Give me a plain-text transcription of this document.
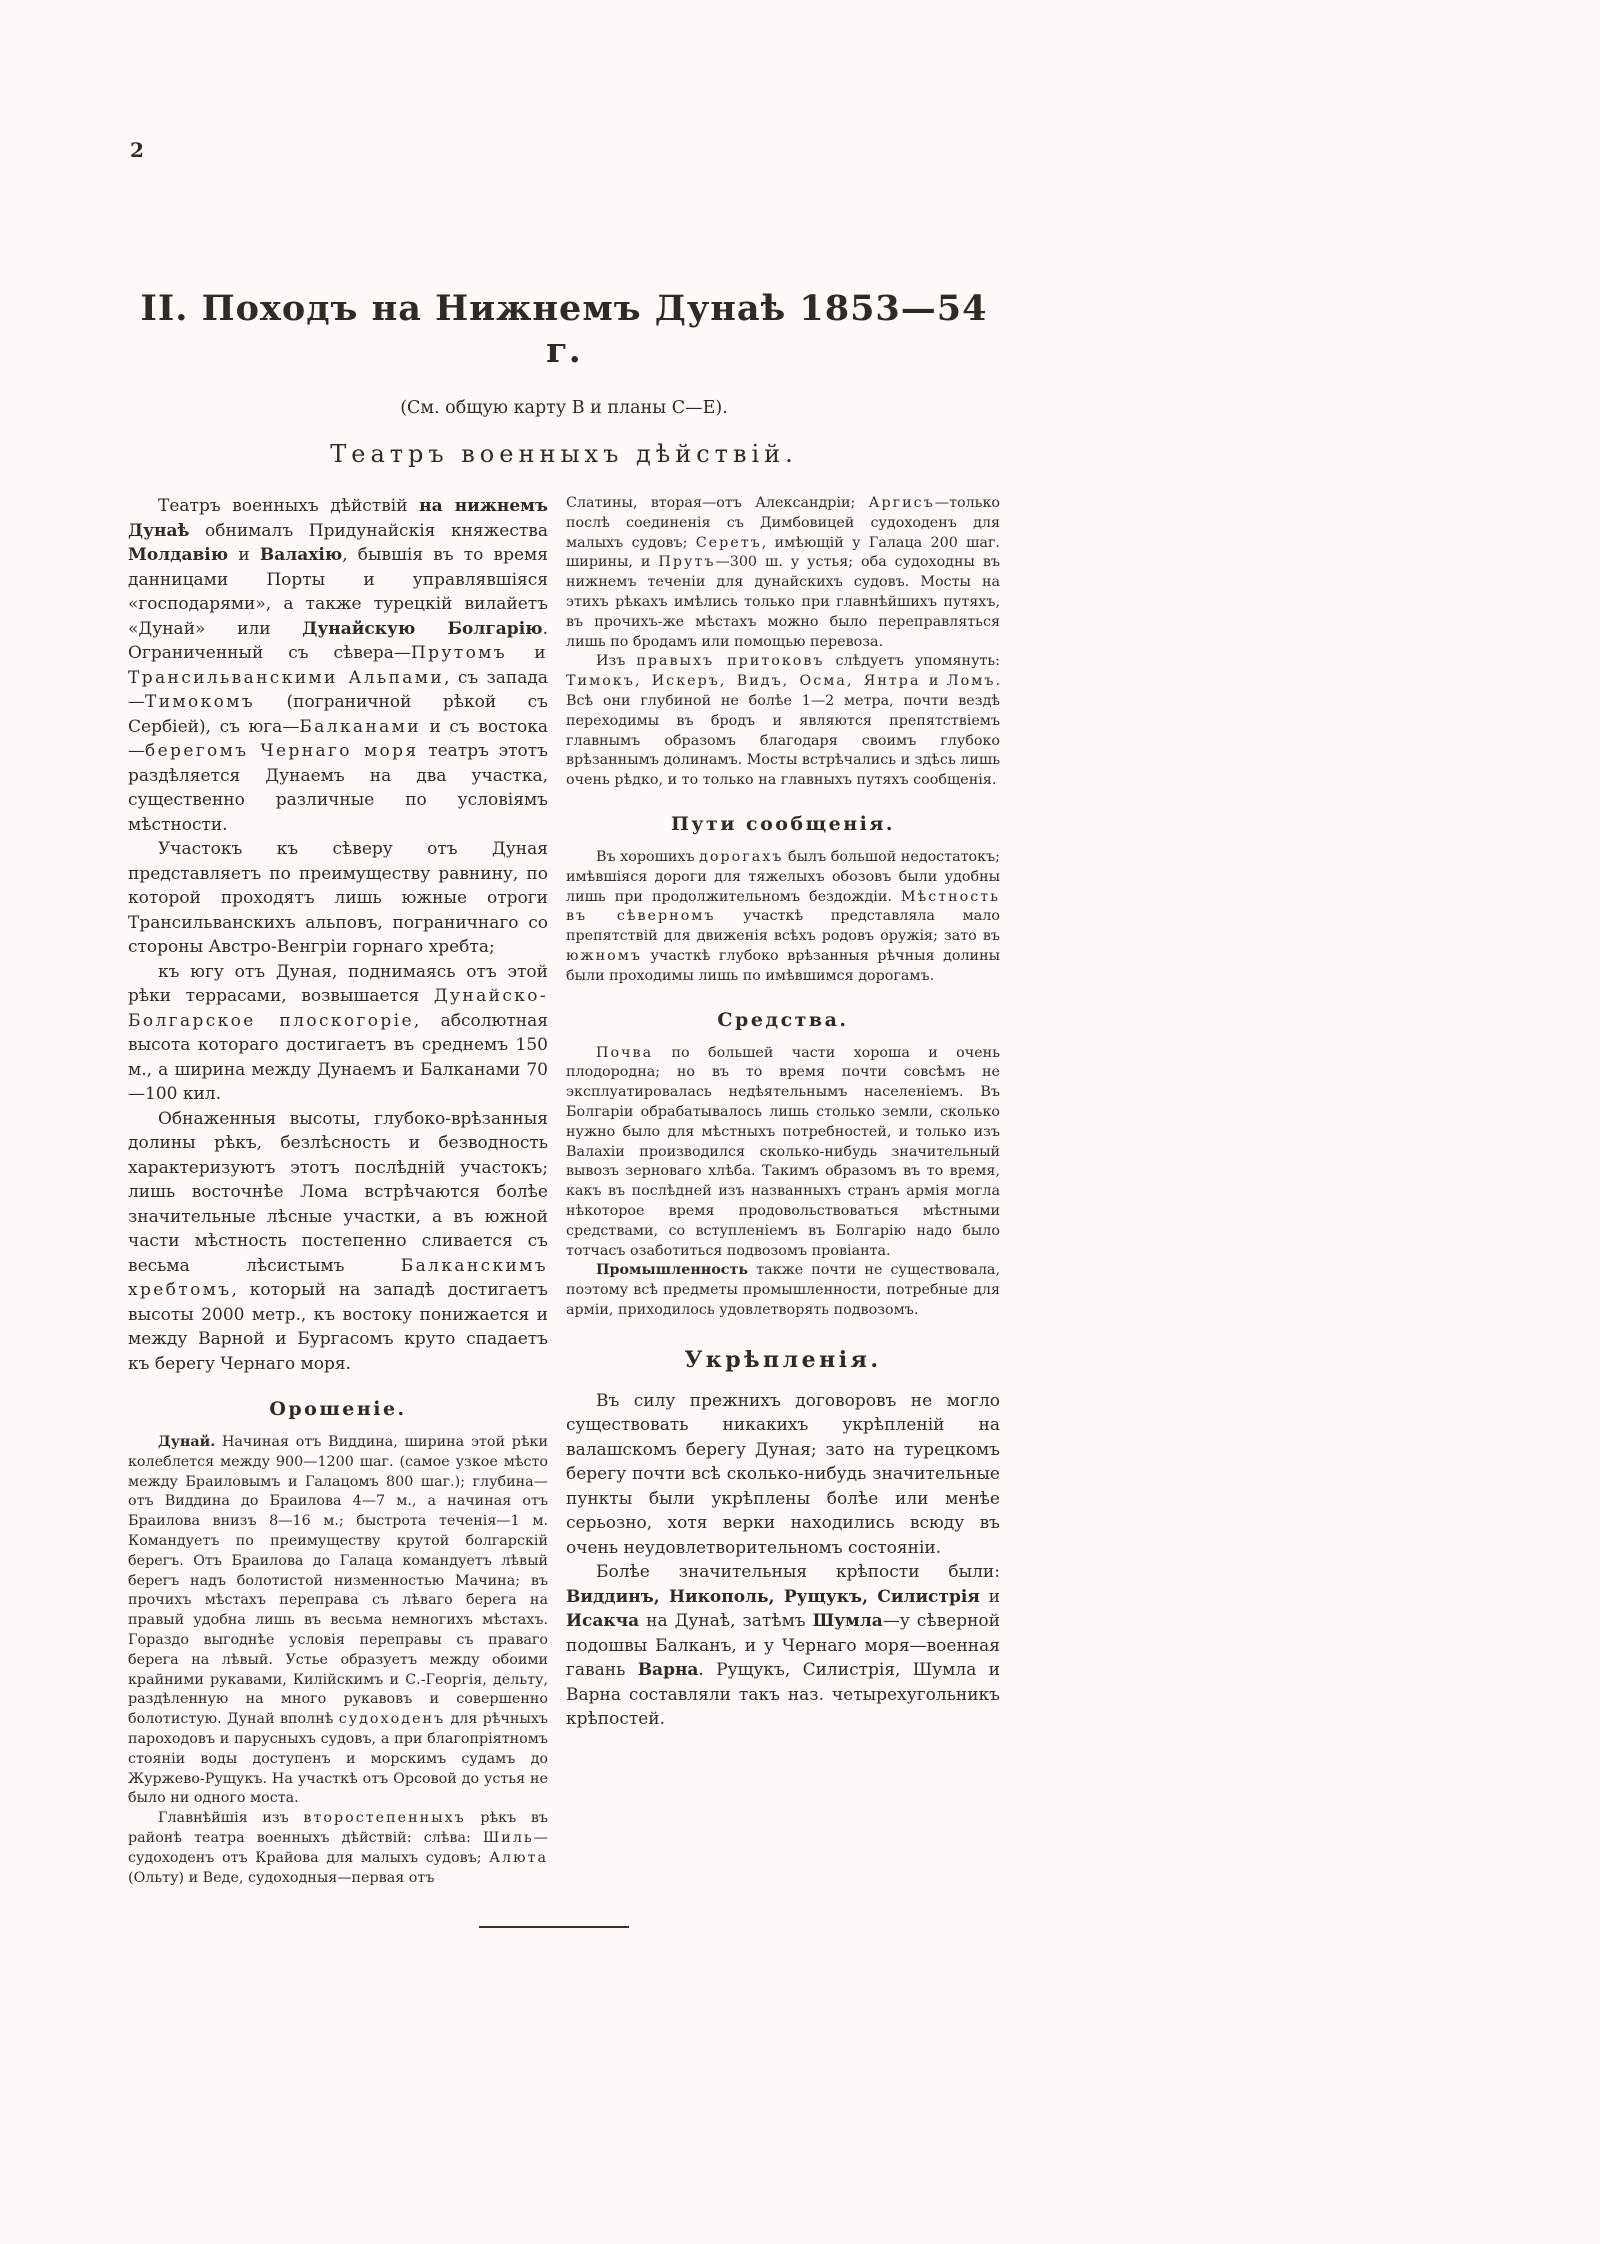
2
II. Походъ на Нижнемъ Дунаѣ 1853—54 г.
(См. общую карту В и планы С—Е).
Театръ военныхъ дѣйствій.

Театръ военныхъ дѣйствій на нижнемъ Дунаѣ обнималъ Придунайскія княжества Молдавію и Валахію, бывшія въ то время данницами Порты и управлявшіяся «господарями», а также турецкій вилайетъ «Дунай» или Дунайскую Болгарію. Ограниченный съ сѣвера—Прутомъ и Трансильванскими Альпами, съ запада—Тимокомъ (пограничной рѣкой съ Сербіей), съ юга—Балканами и съ востока—берегомъ Чернаго моря театръ этотъ раздѣляется Дунаемъ на два участка, существенно различные по условіямъ мѣстности.

Участокъ къ сѣверу отъ Дуная представляетъ по преимуществу равнину, по которой проходятъ лишь южные отроги Трансильванскихъ альповъ, пограничнаго со стороны Австро-Венгріи горнаго хребта;

къ югу отъ Дуная, поднимаясь отъ этой рѣки террасами, возвышается Дунайско-Болгарское плоскогоріе, абсолютная высота котораго достигаетъ въ среднемъ 150 м., а ширина между Дунаемъ и Балканами 70—100 кил.

Обнаженныя высоты, глубоко-врѣзанныя долины рѣкъ, безлѣсность и безводность характеризуютъ этотъ послѣдній участокъ; лишь восточнѣе Лома встрѣчаются болѣе значительные лѣсные участки, а въ южной части мѣстность постепенно сливается съ весьма лѣсистымъ Балканскимъ хребтомъ, который на западѣ достигаетъ высоты 2000 метр., къ востоку понижается и между Варной и Бургасомъ круто спадаетъ къ берегу Чернаго моря.

Орошеніе.

Дунай. Начиная отъ Виддина, ширина этой рѣки колеблется между 900—1200 шаг. (самое узкое мѣсто между Браиловымъ и Галацомъ 800 шаг.); глубина—отъ Виддина до Браилова 4—7 м., а начиная отъ Браилова внизъ 8—16 м.; быстрота теченія—1 м. Командуетъ по преимуществу крутой болгарскій берегъ. Отъ Браилова до Галаца командуетъ лѣвый берегъ надъ болотистой низменностью Мачина; въ прочихъ мѣстахъ переправа съ лѣваго берега на правый удобна лишь въ весьма немногихъ мѣстахъ. Гораздо выгоднѣе условія переправы съ праваго берега на лѣвый. Устье образуетъ между обоими крайними рукавами, Килійскимъ и С.-Георгія, дельту, раздѣленную на много рукавовъ и совершенно болотистую. Дунай вполнѣ судоходенъ для рѣчныхъ пароходовъ и парусныхъ судовъ, а при благопріятномъ стояніи воды доступенъ и морскимъ судамъ до Журжево-Рущукъ. На участкѣ отъ Орсовой до устья не было ни одного моста.

Главнѣйшія изъ второстепенныхъ рѣкъ въ районѣ театра военныхъ дѣйствій: слѣва: Шиль—судоходенъ отъ Крайова для малыхъ судовъ; Алюта (Ольту) и Веде, судоходныя—первая отъ

Слатины, вторая—отъ Александріи; Аргисъ—только послѣ соединенія съ Димбовицей судоходенъ для малыхъ судовъ; Серетъ, имѣющій у Галаца 200 шаг. ширины, и Прутъ—300 ш. у устья; оба судоходны въ нижнемъ теченіи для дунайскихъ судовъ. Мосты на этихъ рѣкахъ имѣлись только при главнѣйшихъ путяхъ, въ прочихъ-же мѣстахъ можно было переправляться лишь по бродамъ или помощью перевоза.

Изъ правыхъ притоковъ слѣдуетъ упомянуть: Тимокъ, Искеръ, Видъ, Осма, Янтра и Ломъ. Всѣ они глубиной не болѣе 1—2 метра, почти вездѣ переходимы въ бродъ и являются препятствіемъ главнымъ образомъ благодаря своимъ глубоко врѣзаннымъ долинамъ. Мосты встрѣчались и здѣсь лишь очень рѣдко, и то только на главныхъ путяхъ сообщенія.

Пути сообщенія.

Въ хорошихъ дорогахъ былъ большой недостатокъ; имѣвшіяся дороги для тяжелыхъ обозовъ были удобны лишь при продолжительномъ бездождіи. Мѣстность въ сѣверномъ участкѣ представляла мало препятствій для движенія всѣхъ родовъ оружія; зато въ южномъ участкѣ глубоко врѣзанныя рѣчныя долины были проходимы лишь по имѣвшимся дорогамъ.

Средства.

Почва по большей части хороша и очень плодородна; но въ то время почти совсѣмъ не эксплуатировалась недѣятельнымъ населеніемъ. Въ Болгаріи обрабатывалось лишь столько земли, сколько нужно было для мѣстныхъ потребностей, и только изъ Валахіи производился сколько-нибудь значительный вывозъ зерноваго хлѣба. Такимъ образомъ въ то время, какъ въ послѣдней изъ названныхъ странъ армія могла нѣкоторое время продовольствоваться мѣстными средствами, со вступленіемъ въ Болгарію надо было тотчасъ озаботиться подвозомъ провіанта.

Промышленность также почти не существовала, поэтому всѣ предметы промышленности, потребные для арміи, приходилось удовлетворять подвозомъ.

Укрѣпленія.

Въ силу прежнихъ договоровъ не могло существовать никакихъ укрѣпленій на валашскомъ берегу Дуная; зато на турецкомъ берегу почти всѣ сколько-нибудь значительные пункты были укрѣплены болѣе или менѣе серьозно, хотя верки находились всюду въ очень неудовлетворительномъ состояніи.

Болѣе значительныя крѣпости были: Виддинъ, Никополь, Рущукъ, Силистрія и Исакча на Дунаѣ, затѣмъ Шумла—у сѣверной подошвы Балканъ, и у Чернаго моря—военная гавань Варна. Рущукъ, Силистрія, Шумла и Варна составляли такъ наз. четырехугольникъ крѣпостей.
